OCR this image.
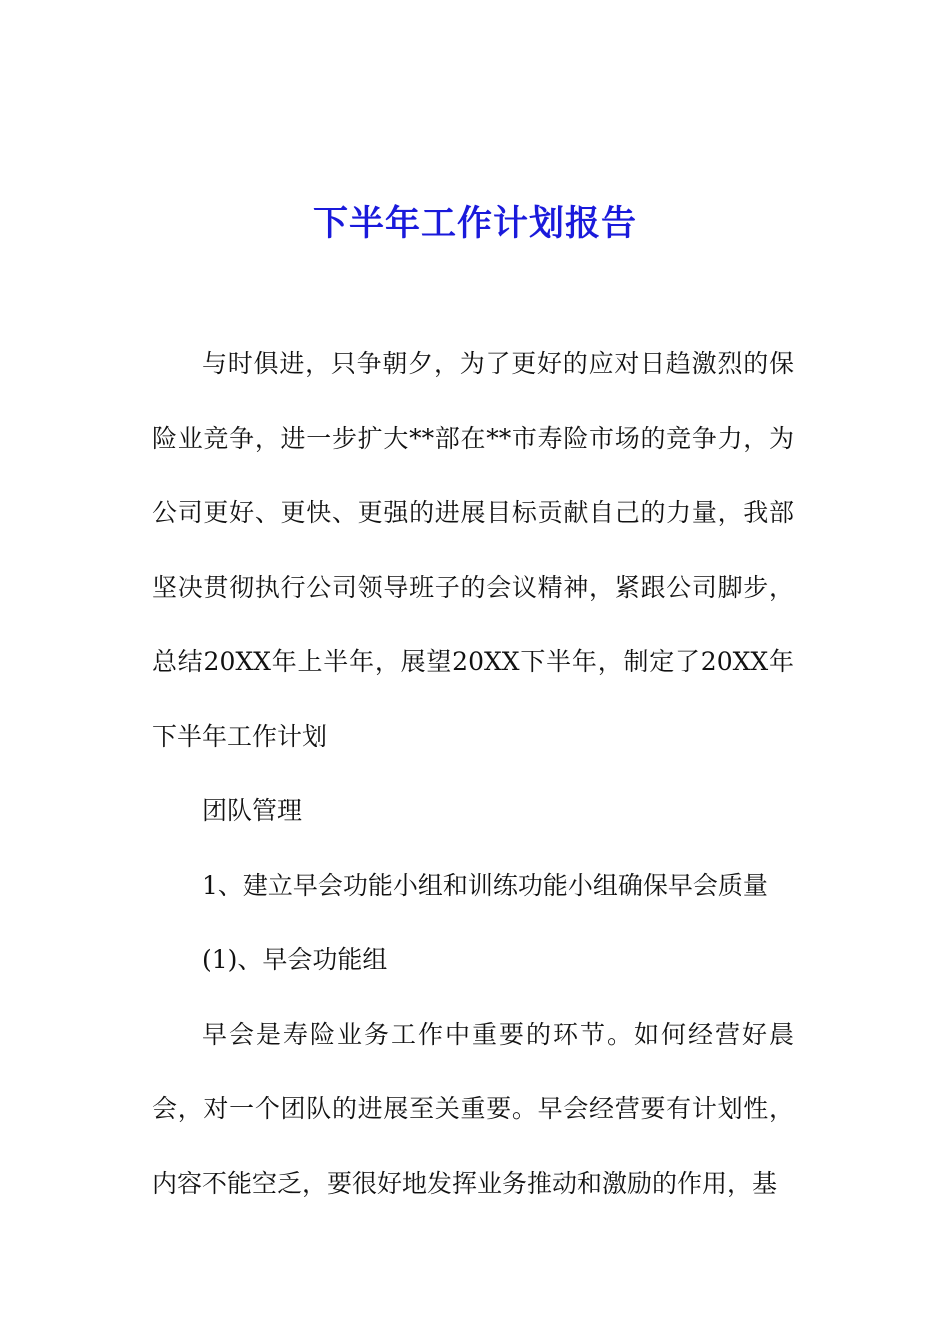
下半年工作计划报告

与时俱进，只争朝夕，为了更好的应对日趋激烈的保险业竞争，进一步扩大**部在**市寿险市场的竞争力，为公司更好、更快、更强的进展目标贡献自己的力量，我部坚决贯彻执行公司领导班子的会议精神，紧跟公司脚步，总结20XX年上半年，展望20XX下半年，制定了20XX年下半年工作计划

团队管理

1、建立早会功能小组和训练功能小组确保早会质量

(1)、早会功能组

早会是寿险业务工作中重要的环节。如何经营好晨会，对一个团队的进展至关重要。早会经营要有计划性，内容不能空乏，要很好地发挥业务推动和激励的作用，基
